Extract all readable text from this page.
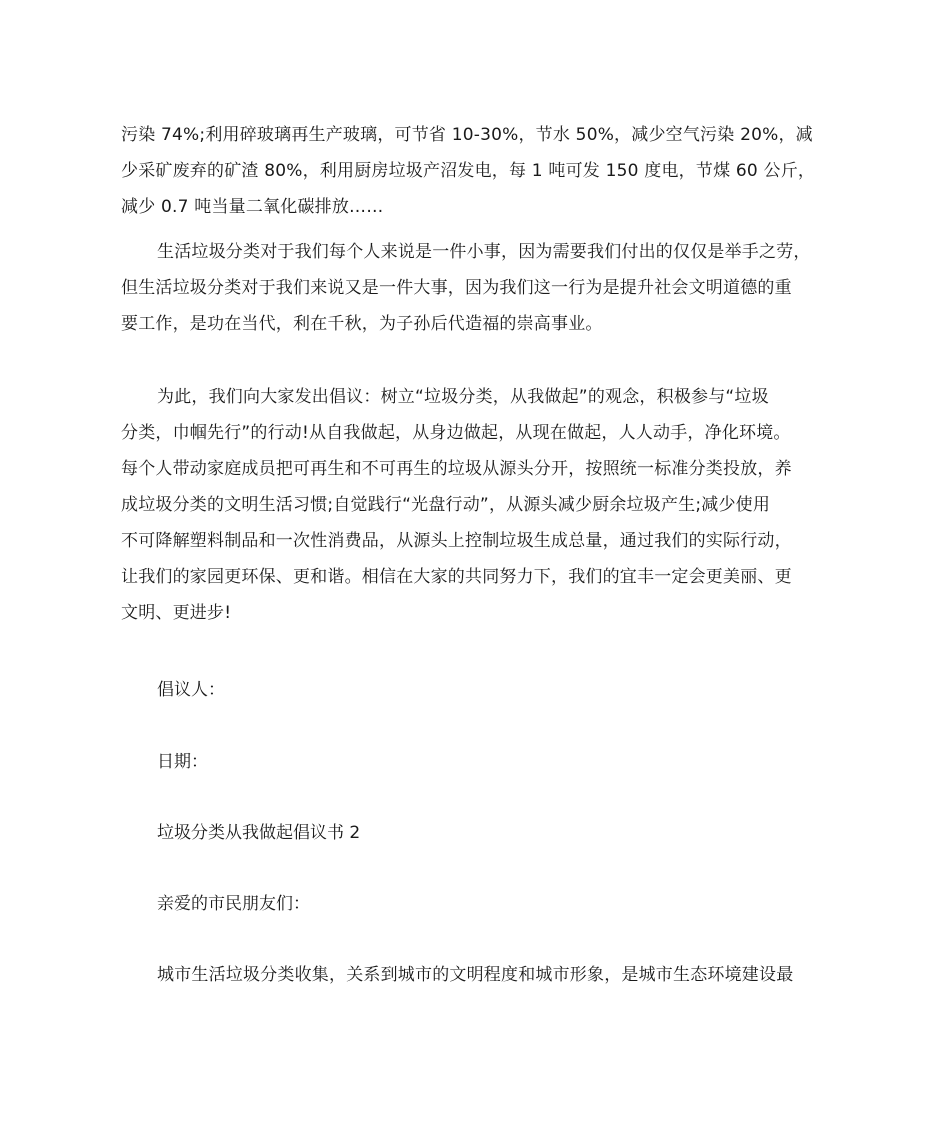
污染 74%;利用碎玻璃再生产玻璃，可节省 10-30%，节水 50%，减少空气污染 20%，减
少采矿废弃的矿渣 80%，利用厨房垃圾产沼发电，每 1 吨可发 150 度电，节煤 60 公斤，
减少 0.7 吨当量二氧化碳排放……
生活垃圾分类对于我们每个人来说是一件小事，因为需要我们付出的仅仅是举手之劳，
但生活垃圾分类对于我们来说又是一件大事，因为我们这一行为是提升社会文明道德的重
要工作，是功在当代，利在千秋，为子孙后代造福的崇高事业。
为此，我们向大家发出倡议：树立“垃圾分类，从我做起”的观念，积极参与“垃圾
分类，巾帼先行”的行动!从自我做起，从身边做起，从现在做起，人人动手，净化环境。
每个人带动家庭成员把可再生和不可再生的垃圾从源头分开，按照统一标准分类投放，养
成垃圾分类的文明生活习惯;自觉践行“光盘行动”，从源头减少厨余垃圾产生;减少使用
不可降解塑料制品和一次性消费品，从源头上控制垃圾生成总量，通过我们的实际行动，
让我们的家园更环保、更和谐。相信在大家的共同努力下，我们的宜丰一定会更美丽、更
文明、更进步!

倡议人：

日期：

垃圾分类从我做起倡议书 2

亲爱的市民朋友们：

城市生活垃圾分类收集，关系到城市的文明程度和城市形象，是城市生态环境建设最
